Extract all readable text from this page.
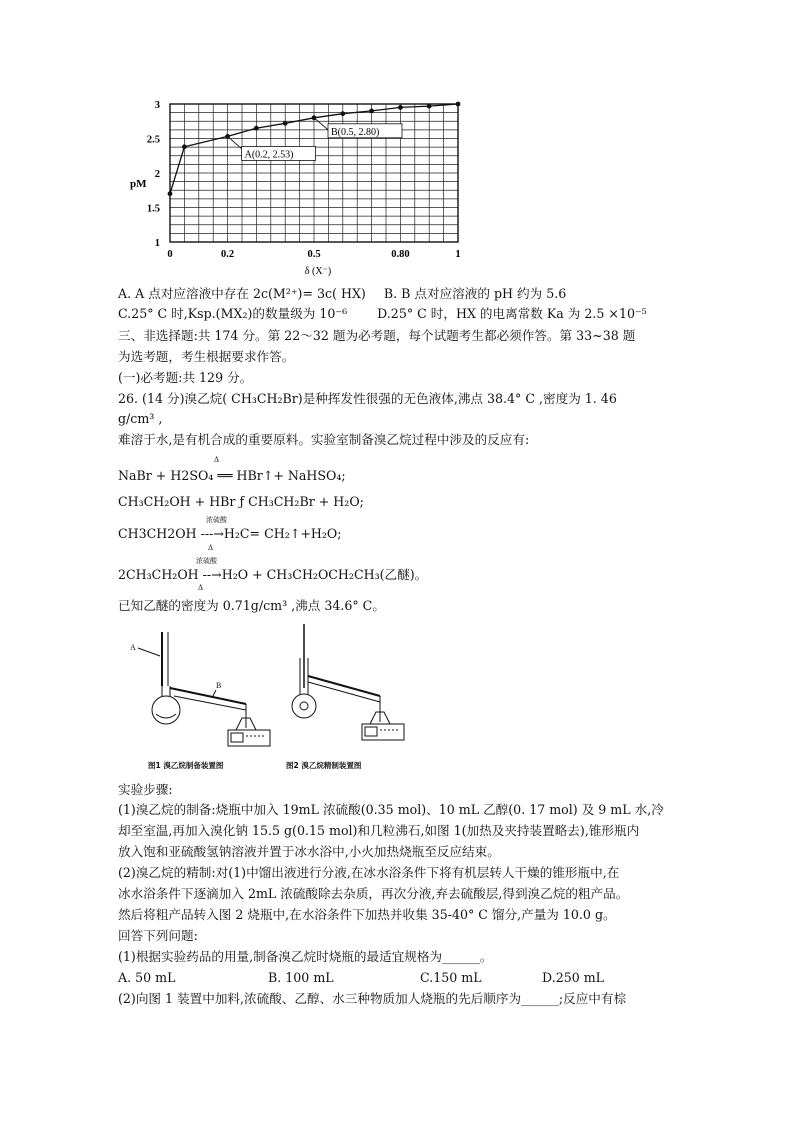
0	0.2	0.5	0.80	1
1
1.5
2
2.5
3
A(0.2, 2.53)
B(0.5, 2.80)
pM
δ (X⁻)
A. A 点对应溶液中存在 2c(M²⁺)= 3c( HX) B. B 点对应溶液的 pH 约为 5.6
C.25° C 时,Ksp.(MX₂)的数量级为 10⁻⁶ D.25° C 时，HX 的电离常数 Ka 为 2.5 ×10⁻⁵
三、非选择题:共 174 分。第 22～32 题为必考题，每个试题考生都必须作答。第 33~38 题
为选考题，考生根据要求作答。
(一)必考题:共 129 分。
26. (14 分)溴乙烷( CH₃CH₂Br)是种挥发性很强的无色液体,沸点 38.4° C ,密度为 1. 46
g/cm³ ,
难溶于水,是有机合成的重要原料。实验室制备溴乙烷过程中涉及的反应有:
Δ
NaBr + H2SO₄ ══ HBr↑+ NaHSO₄;
CH₃CH₂OH + HBr ƒ CH₃CH₂Br + H₂O;
浓硫酸
CH3CH2OH ---→H₂C= CH₂↑+H₂O;
Δ
浓硫酸
2CH₃CH₂OH --→H₂O + CH₃CH₂OCH₂CH₃(乙醚)。
Δ
已知乙醚的密度为 0.71g/cm³ ,沸点 34.6° C。
A
B
图1 溴乙烷制备装置图	图2 溴乙烷精制装置图
实验步骤:
(1)溴乙烷的制备:烧瓶中加入 19mL 浓硫酸(0.35 mol)、10 mL 乙醇(0. 17 mol) 及 9 mL 水,冷
却至室温,再加入溴化钠 15.5 g(0.15 mol)和几粒沸石,如图 1(加热及夹持装置略去),锥形瓶内
放入饱和亚硫酸氢钠溶液并置于冰水浴中,小火加热烧瓶至反应结束。
(2)溴乙烷的精制:对(1)中馏出液进行分液,在冰水浴条件下将有机层转人干燥的锥形瓶中,在
冰水浴条件下逐滴加入 2mL 浓硫酸除去杂质，再次分液,弃去硫酸层,得到溴乙烷的粗产品。
然后将粗产品转入图 2 烧瓶中,在水浴条件下加热并收集 35-40° C 馏分,产量为 10.0 g。
回答下列问题:
(1)根据实验药品的用量,制备溴乙烷时烧瓶的最适宜规格为______。
A. 50 mL	B. 100 mL	C.150 mL	D.250 mL
(2)向图 1 装置中加料,浓硫酸、乙醇、水三种物质加人烧瓶的先后顺序为______;反应中有棕
